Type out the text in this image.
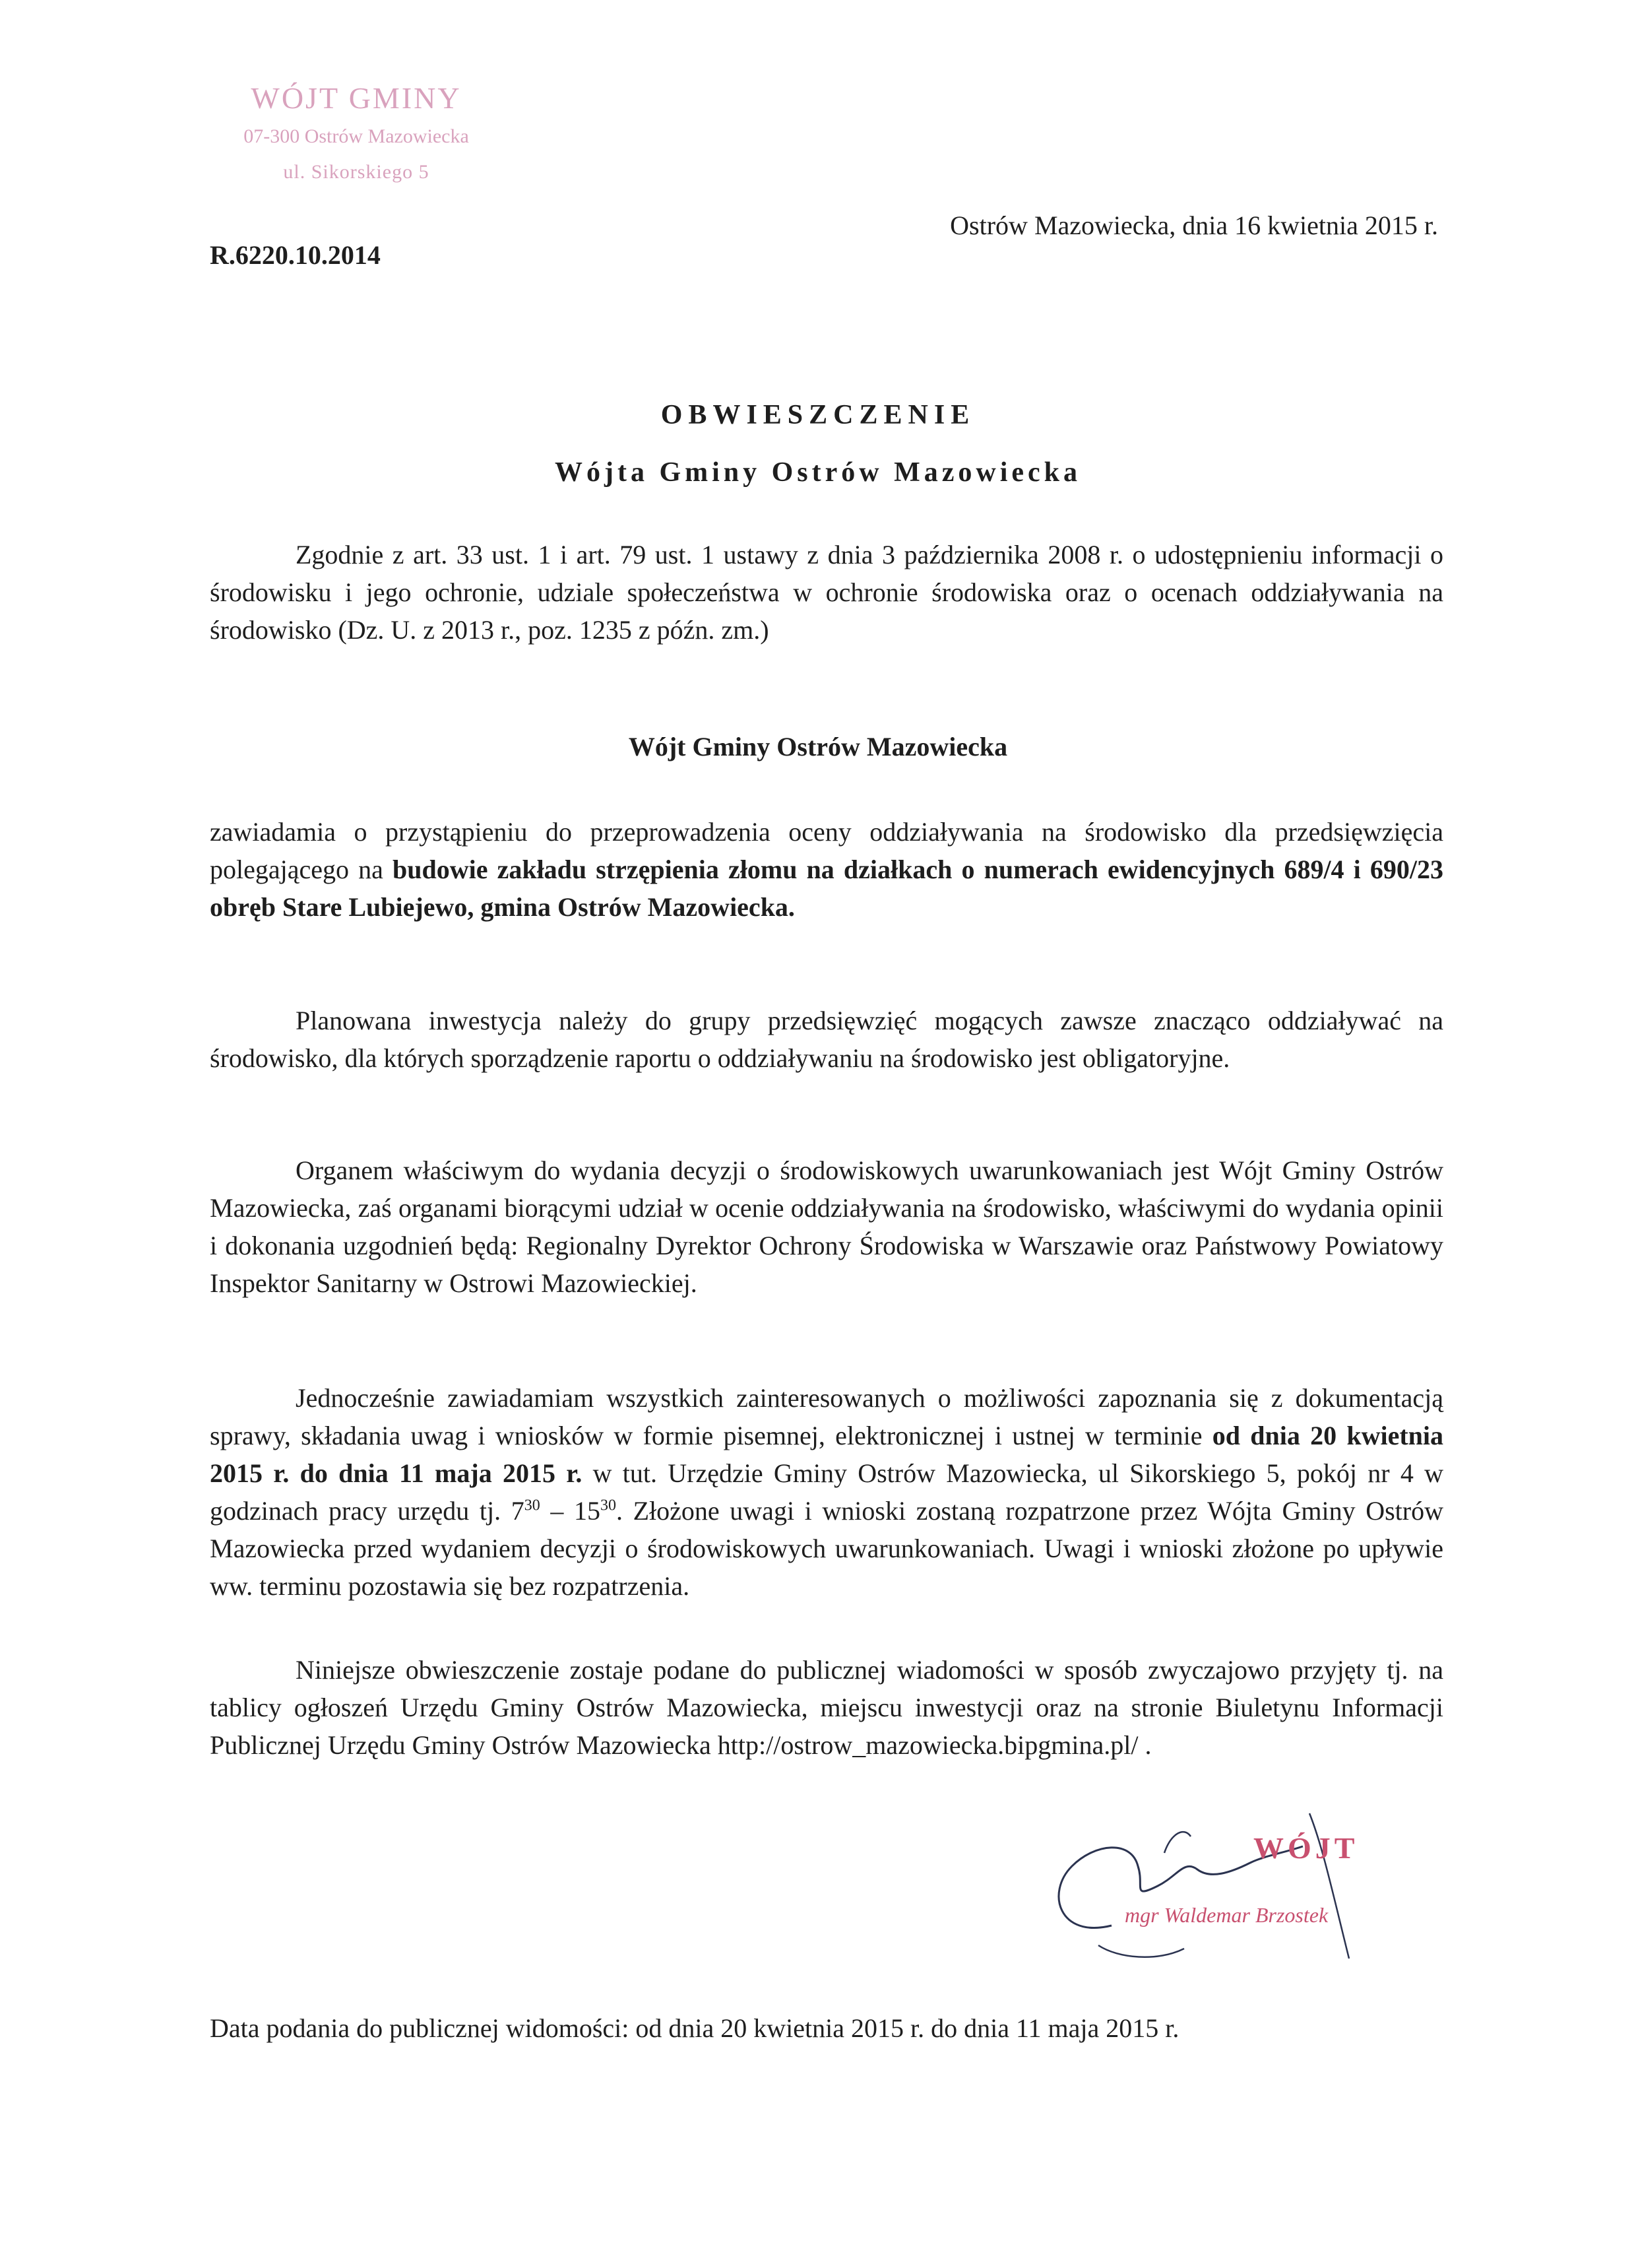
WÓJT GMINY
07-300 Ostrów Mazowiecka
ul. Sikorskiego 5
Ostrów Mazowiecka, dnia 16 kwietnia 2015 r.
R.6220.10.2014
OBWIESZCZENIE
Wójta Gminy Ostrów Mazowiecka
Zgodnie z art. 33 ust. 1 i art. 79 ust. 1 ustawy z dnia 3 października 2008 r. o udostępnieniu informacji o środowisku i jego ochronie, udziale społeczeństwa w ochronie środowiska oraz o ocenach oddziaływania na środowisko (Dz. U. z 2013 r., poz. 1235 z późn. zm.)
Wójt Gminy Ostrów Mazowiecka
zawiadamia o przystąpieniu do przeprowadzenia oceny oddziaływania na środowisko dla przedsięwzięcia polegającego na budowie zakładu strzępienia złomu na działkach o numerach ewidencyjnych 689/4 i 690/23 obręb Stare Lubiejewo, gmina Ostrów Mazowiecka.
Planowana inwestycja należy do grupy przedsięwzięć mogących zawsze znacząco oddziaływać na środowisko, dla których sporządzenie raportu o oddziaływaniu na środowisko jest obligatoryjne.
Organem właściwym do wydania decyzji o środowiskowych uwarunkowaniach jest Wójt Gminy Ostrów Mazowiecka, zaś organami biorącymi udział w ocenie oddziaływania na środowisko, właściwymi do wydania opinii i dokonania uzgodnień będą: Regionalny Dyrektor Ochrony Środowiska w Warszawie oraz Państwowy Powiatowy Inspektor Sanitarny w Ostrowi Mazowieckiej.
Jednocześnie zawiadamiam wszystkich zainteresowanych o możliwości zapoznania się z dokumentacją sprawy, składania uwag i wniosków w formie pisemnej, elektronicznej i ustnej w terminie od dnia 20 kwietnia 2015 r. do dnia 11 maja 2015 r. w tut. Urzędzie Gminy Ostrów Mazowiecka, ul Sikorskiego 5, pokój nr 4 w godzinach pracy urzędu tj. $7^{30} - 15^{30}$. Złożone uwagi i wnioski zostaną rozpatrzone przez Wójta Gminy Ostrów Mazowiecka przed wydaniem decyzji o środowiskowych uwarunkowaniach. Uwagi i wnioski złożone po upływie ww. terminu pozostawia się bez rozpatrzenia.
Niniejsze obwieszczenie zostaje podane do publicznej wiadomości w sposób zwyczajowo przyjęty tj. na tablicy ogłoszeń Urzędu Gminy Ostrów Mazowiecka, miejscu inwestycji oraz na stronie Biuletynu Informacji Publicznej Urzędu Gminy Ostrów Mazowiecka http://ostrow_mazowiecka.bipgmina.pl/ .
WÓJT
mgr Waldemar Brzostek
Data podania do publicznej widomości: od dnia 20 kwietnia 2015 r. do dnia 11 maja 2015 r.
